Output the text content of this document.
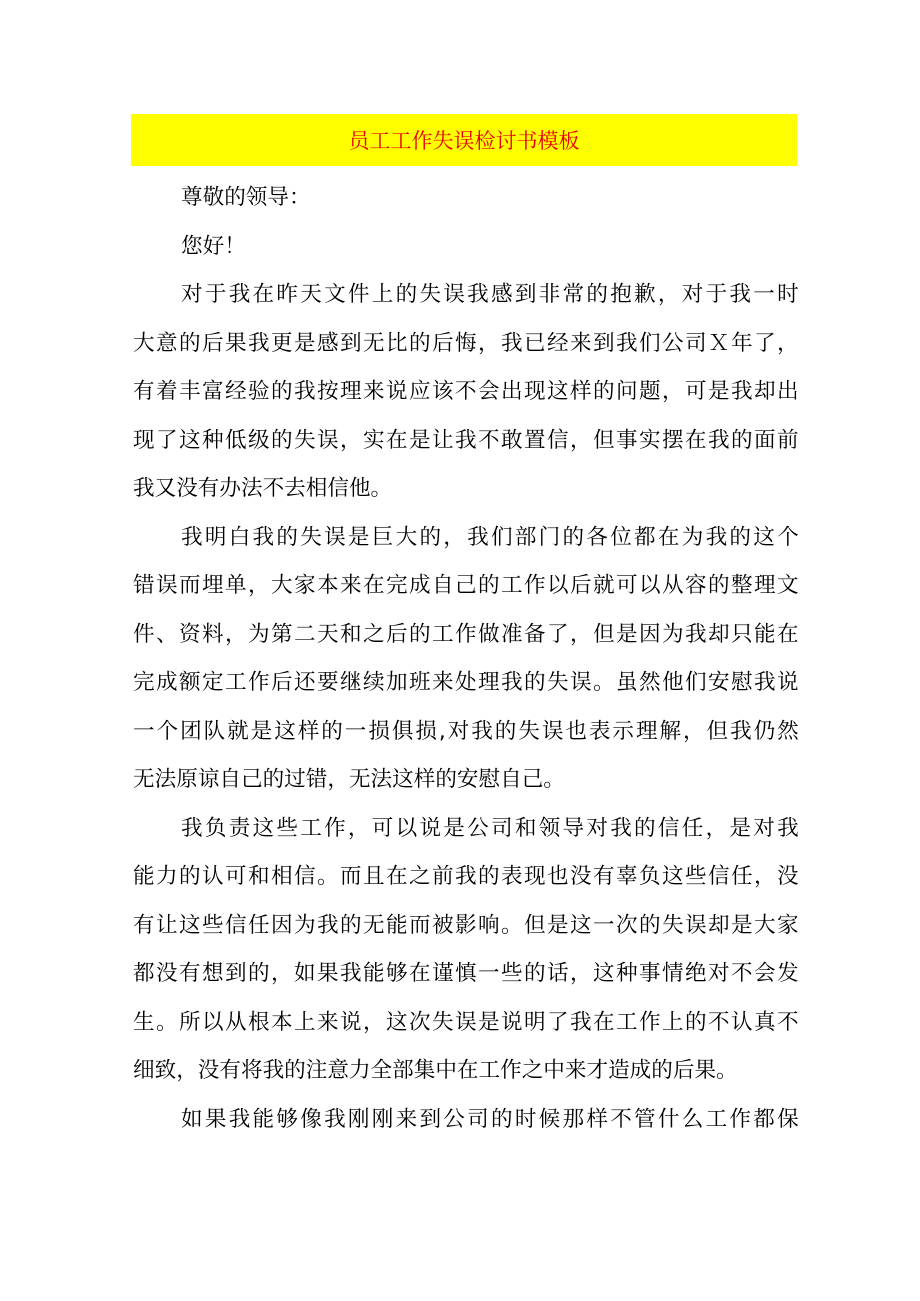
员工工作失误检讨书模板
尊敬的领导：
您好！
对 于 我 在 昨 天 文 件 上 的 失 误 我 感 到 非 常 的 抱 歉 ， 对 于 我 一 时
大 意 的 后 果 我 更 是 感 到 无 比 的 后 悔 ， 我 已 经 来 到 我 们 公 司 Ｘ 年 了 ，
有 着 丰 富 经 验 的 我 按 理 来 说 应 该 不 会 出 现 这 样 的 问 题 ， 可 是 我 却 出
现 了 这 种 低 级 的 失 误 ， 实 在 是 让 我 不 敢 置 信 ， 但 事 实 摆 在 我 的 面 前
我又没有办法不去相信他。
我 明 白 我 的 失 误 是 巨 大 的 ， 我 们 部 门 的 各 位 都 在 为 我 的 这 个
错 误 而 埋 单 ， 大 家 本 来 在 完 成 自 己 的 工 作 以 后 就 可 以 从 容 的 整 理 文
件 、 资 料 ， 为 第 二 天 和 之 后 的 工 作 做 准 备 了 ， 但 是 因 为 我 却 只 能 在
完 成 额 定 工 作 后 还 要 继 续 加 班 来 处 理 我 的 失 误 。 虽 然 他 们 安 慰 我 说
一 个 团 队 就 是 这 样 的 一 损 俱 损 , 对 我 的 失 误 也 表 示 理 解 ， 但 我 仍 然
无法原谅自己的过错，无法这样的安慰自己。
我 负 责 这 些 工 作 ， 可 以 说 是 公 司 和 领 导 对 我 的 信 任 ， 是 对 我
能 力 的 认 可 和 相 信 。 而 且 在 之 前 我 的 表 现 也 没 有 辜 负 这 些 信 任 ， 没
有 让 这 些 信 任 因 为 我 的 无 能 而 被 影 响 。 但 是 这 一 次 的 失 误 却 是 大 家
都 没 有 想 到 的 ， 如 果 我 能 够 在 谨 慎 一 些 的 话 ， 这 种 事 情 绝 对 不 会 发
生 。 所 以 从 根 本 上 来 说 ， 这 次 失 误 是 说 明 了 我 在 工 作 上 的 不 认 真 不
细致，没有将我的注意力全部集中在工作之中来才造成的后果。
如 果 我 能 够 像 我 刚 刚 来 到 公 司 的 时 候 那 样 不 管 什 么 工 作 都 保
